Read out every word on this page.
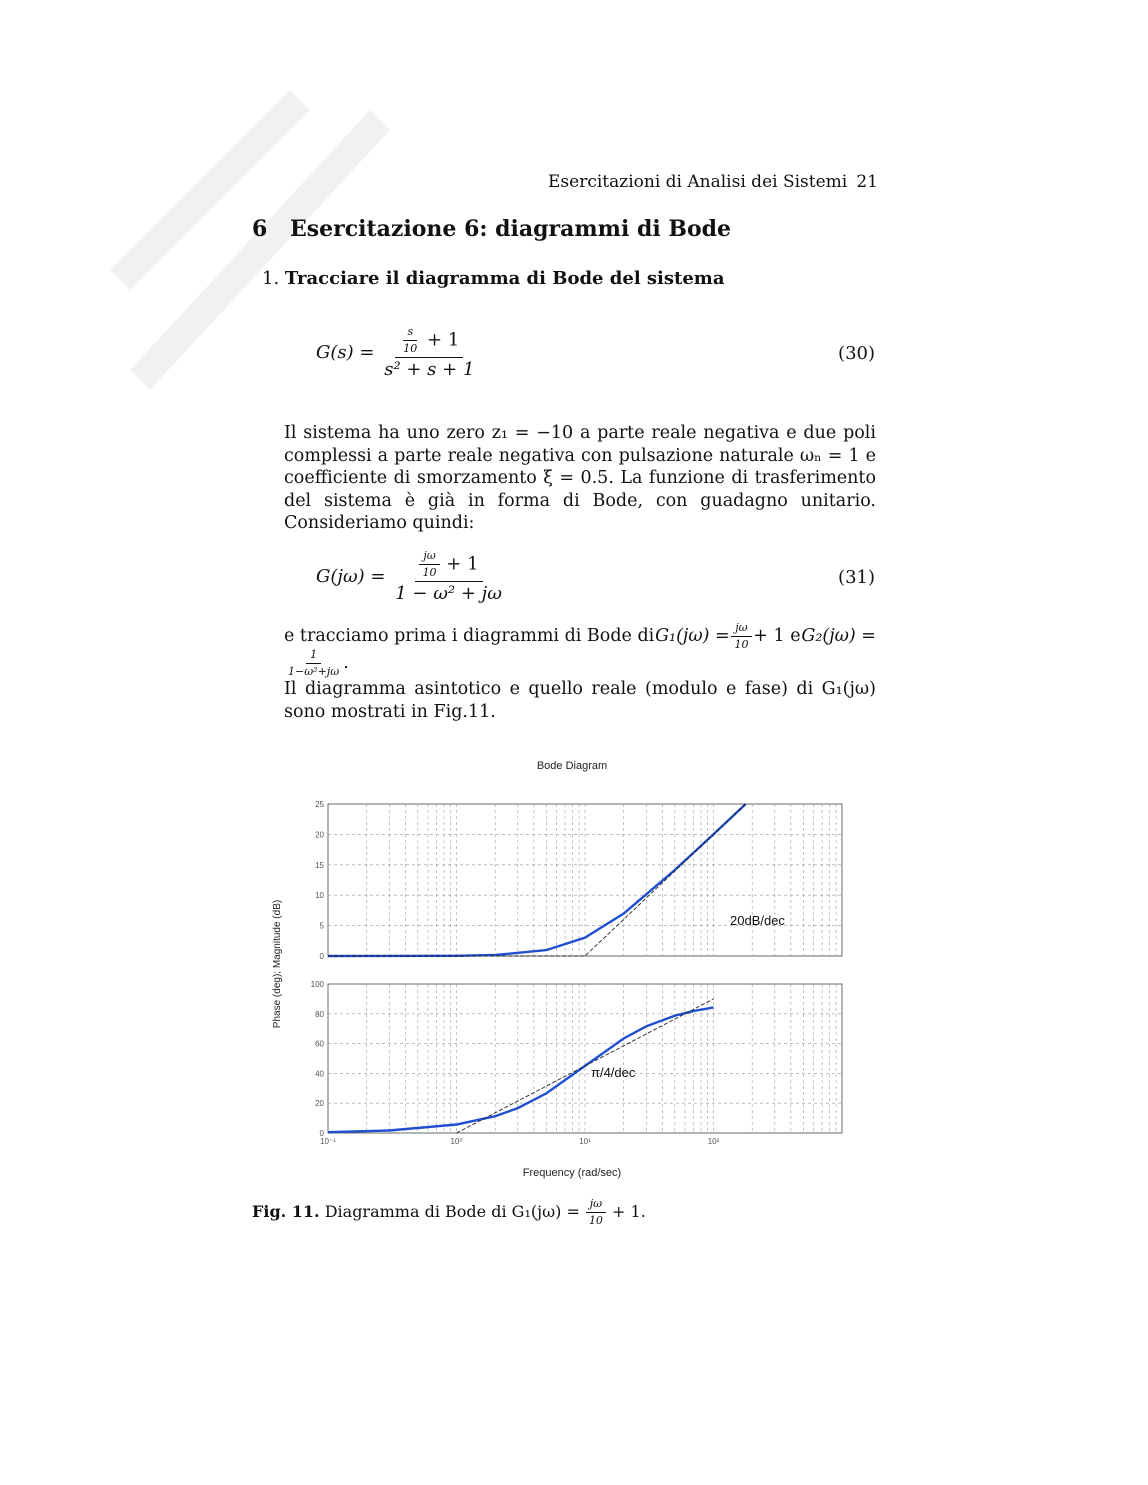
Esercitazioni di Analisi dei Sistemi 21
6 Esercitazione 6: diagrammi di Bode
1. Tracciare il diagramma di Bode del sistema
$G(s) = \frac{\frac{s}{10} + 1}{\text{s² + s + 1}}$	(30)

Il sistema ha uno zero z₁ = −10 a parte reale negativa e due poli complessi a parte reale negativa con pulsazione naturale ωₙ = 1 e coefficiente di smorzamento ξ = 0.5. La funzione di trasferimento del sistema è già in forma di Bode, con guadagno unitario. Consideriamo quindi:

$G(j\omega) = \frac{\frac{j\omega}{10} + 1}{\text{1 − ω² + jω}}$	(31)
e tracciamo prima i diagrammi di Bode di $G_1(j\omega) = \frac{j\omega}{10} + 1$ e G₂(jω) =
$\frac{1}{\text{1−ω²+jω}}$ .

Il diagramma asintotico e quello reale (modulo e fase) di G₁(jω) sono mostrati in Fig.11.

Bode Diagram
0
5
10
15
20
25
0
20
40
60
80
100
20dB/dec
π/4/dec
10⁻¹	10⁰	10¹	10²
Frequency (rad/sec)
Phase (deg); Magnitude (dB)
Fig. 11. Diagramma di Bode di $G_1(j\omega) = \frac{j\omega}{10} + 1$.
